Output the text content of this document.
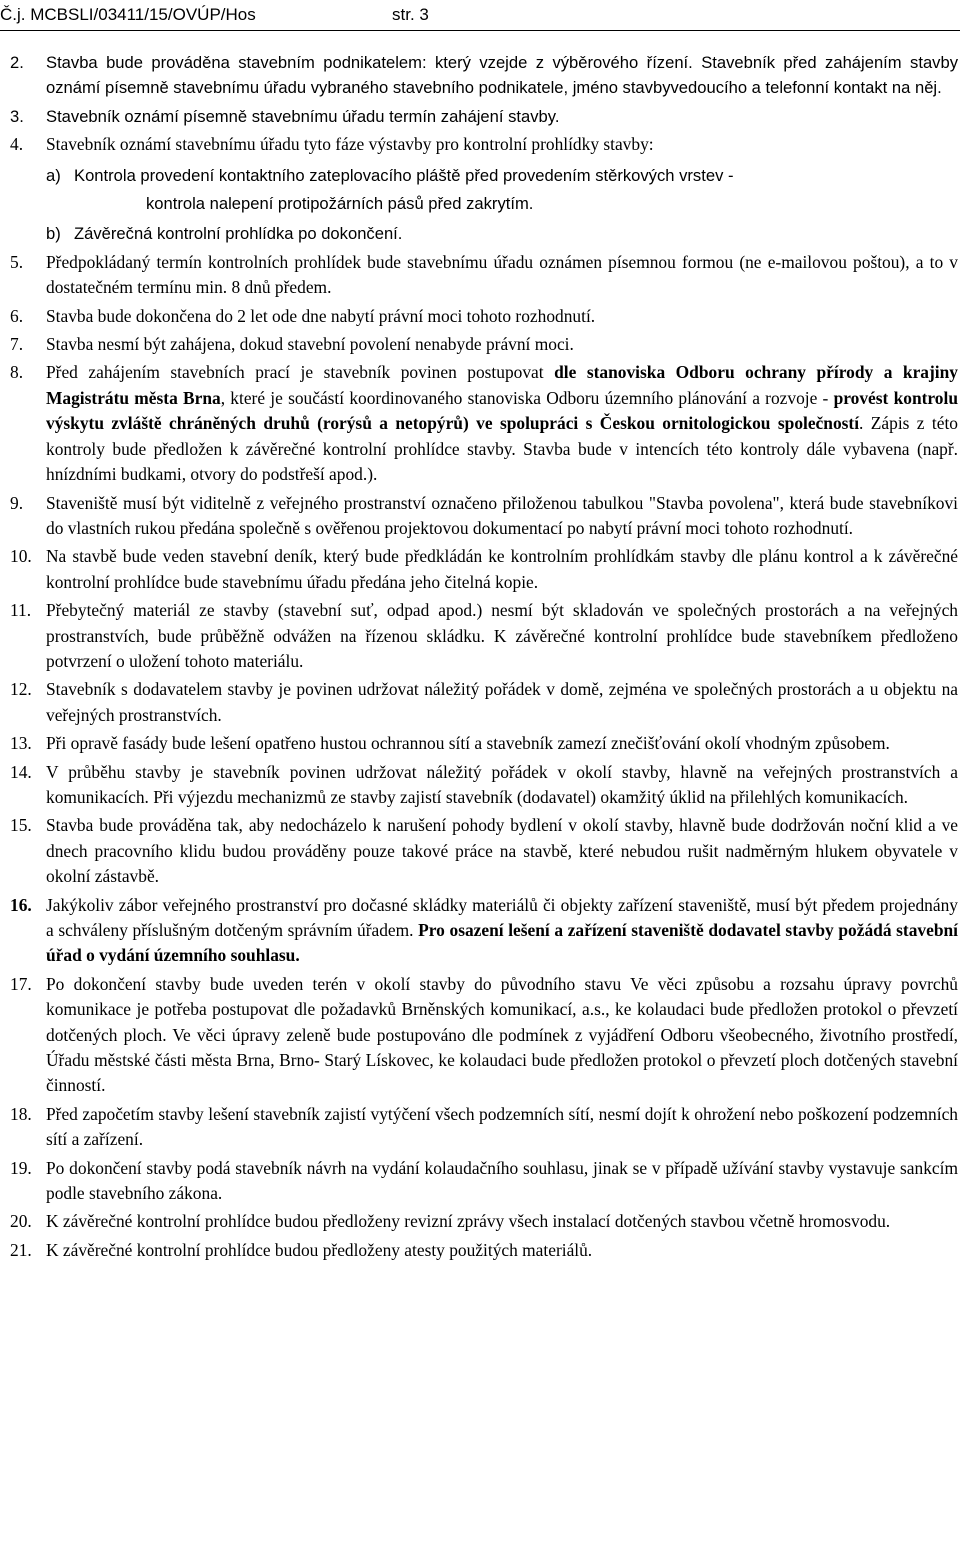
Č.j. MCBSLI/03411/15/OVÚP/Hos	str. 3
2. Stavba bude prováděna stavebním podnikatelem: který vzejde z výběrového řízení. Stavebník před zahájením stavby oznámí písemně stavebnímu úřadu vybraného stavebního podnikatele, jméno stavbyvedoucího a telefonní kontakt na něj.
3. Stavebník oznámí písemně stavebnímu úřadu termín zahájení stavby.
4. Stavebník oznámí stavebnímu úřadu tyto fáze výstavby pro kontrolní prohlídky stavby:
a) Kontrola provedení kontaktního zateplovacího pláště před provedením stěrkových vrstev -
kontrola nalepení protipožárních pásů před zakrytím.
b) Závěrečná kontrolní prohlídka po dokončení.
5. Předpokládaný termín kontrolních prohlídek bude stavebnímu úřadu oznámen písemnou formou (ne e-mailovou poštou), a to v dostatečném termínu min. 8 dnů předem.
6. Stavba bude dokončena do 2 let ode dne nabytí právní moci tohoto rozhodnutí.
7. Stavba nesmí být zahájena, dokud stavební povolení nenabyde právní moci.
8. Před zahájením stavebních prací je stavebník povinen postupovat dle stanoviska Odboru ochrany přírody a krajiny Magistrátu města Brna, které je součástí koordinovaného stanoviska Odboru územního plánování a rozvoje - provést kontrolu výskytu zvláště chráněných druhů (rorýsů a netopýrů) ve spolupráci s Českou ornitologickou společností. Zápis z této kontroly bude předložen k závěrečné kontrolní prohlídce stavby. Stavba bude v intencích této kontroly dále vybavena (např. hnízdními budkami, otvory do podstřeší apod.).
9. Staveniště musí být viditelně z veřejného prostranství označeno přiloženou tabulkou "Stavba povolena", která bude stavebníkovi do vlastních rukou předána společně s ověřenou projektovou dokumentací po nabytí právní moci tohoto rozhodnutí.
10. Na stavbě bude veden stavební deník, který bude předkládán ke kontrolním prohlídkám stavby dle plánu kontrol a k závěrečné kontrolní prohlídce bude stavebnímu úřadu předána jeho čitelná kopie.
11. Přebytečný materiál ze stavby (stavební suť, odpad apod.) nesmí být skladován ve společných prostorách a na veřejných prostranstvích, bude průběžně odvážen na řízenou skládku. K závěrečné kontrolní prohlídce bude stavebníkem předloženo potvrzení o uložení tohoto materiálu.
12. Stavebník s dodavatelem stavby je povinen udržovat náležitý pořádek v domě, zejména ve společných prostorách a u objektu na veřejných prostranstvích.
13. Při opravě fasády bude lešení opatřeno hustou ochrannou sítí a stavebník zamezí znečišťování okolí vhodným způsobem.
14. V průběhu stavby je stavebník povinen udržovat náležitý pořádek v okolí stavby, hlavně na veřejných prostranstvích a komunikacích. Při výjezdu mechanizmů ze stavby zajistí stavebník (dodavatel) okamžitý úklid na přilehlých komunikacích.
15. Stavba bude prováděna tak, aby nedocházelo k narušení pohody bydlení v okolí stavby, hlavně bude dodržován noční klid a ve dnech pracovního klidu budou prováděny pouze takové práce na stavbě, které nebudou rušit nadměrným hlukem obyvatele v okolní zástavbě.
16. Jakýkoliv zábor veřejného prostranství pro dočasné skládky materiálů či objekty zařízení staveniště, musí být předem projednány a schváleny příslušným dotčeným správním úřadem. Pro osazení lešení a zařízení staveniště dodavatel stavby požádá stavební úřad o vydání územního souhlasu.
17. Po dokončení stavby bude uveden terén v okolí stavby do původního stavu Ve věci způsobu a rozsahu úpravy povrchů komunikace je potřeba postupovat dle požadavků Brněnských komunikací, a.s., ke kolaudaci bude předložen protokol o převzetí dotčených ploch. Ve věci úpravy zeleně bude postupováno dle podmínek z vyjádření Odboru všeobecného, životního prostředí, Úřadu městské části města Brna, Brno- Starý Lískovec, ke kolaudaci bude předložen protokol o převzetí ploch dotčených stavební činností.
18. Před započetím stavby lešení stavebník zajistí vytýčení všech podzemních sítí, nesmí dojít k ohrožení nebo poškození podzemních sítí a zařízení.
19. Po dokončení stavby podá stavebník návrh na vydání kolaudačního souhlasu, jinak se v případě užívání stavby vystavuje sankcím podle stavebního zákona.
20. K závěrečné kontrolní prohlídce budou předloženy revizní zprávy všech instalací dotčených stavbou včetně hromosvodu.
21. K závěrečné kontrolní prohlídce budou předloženy atesty použitých materiálů.
